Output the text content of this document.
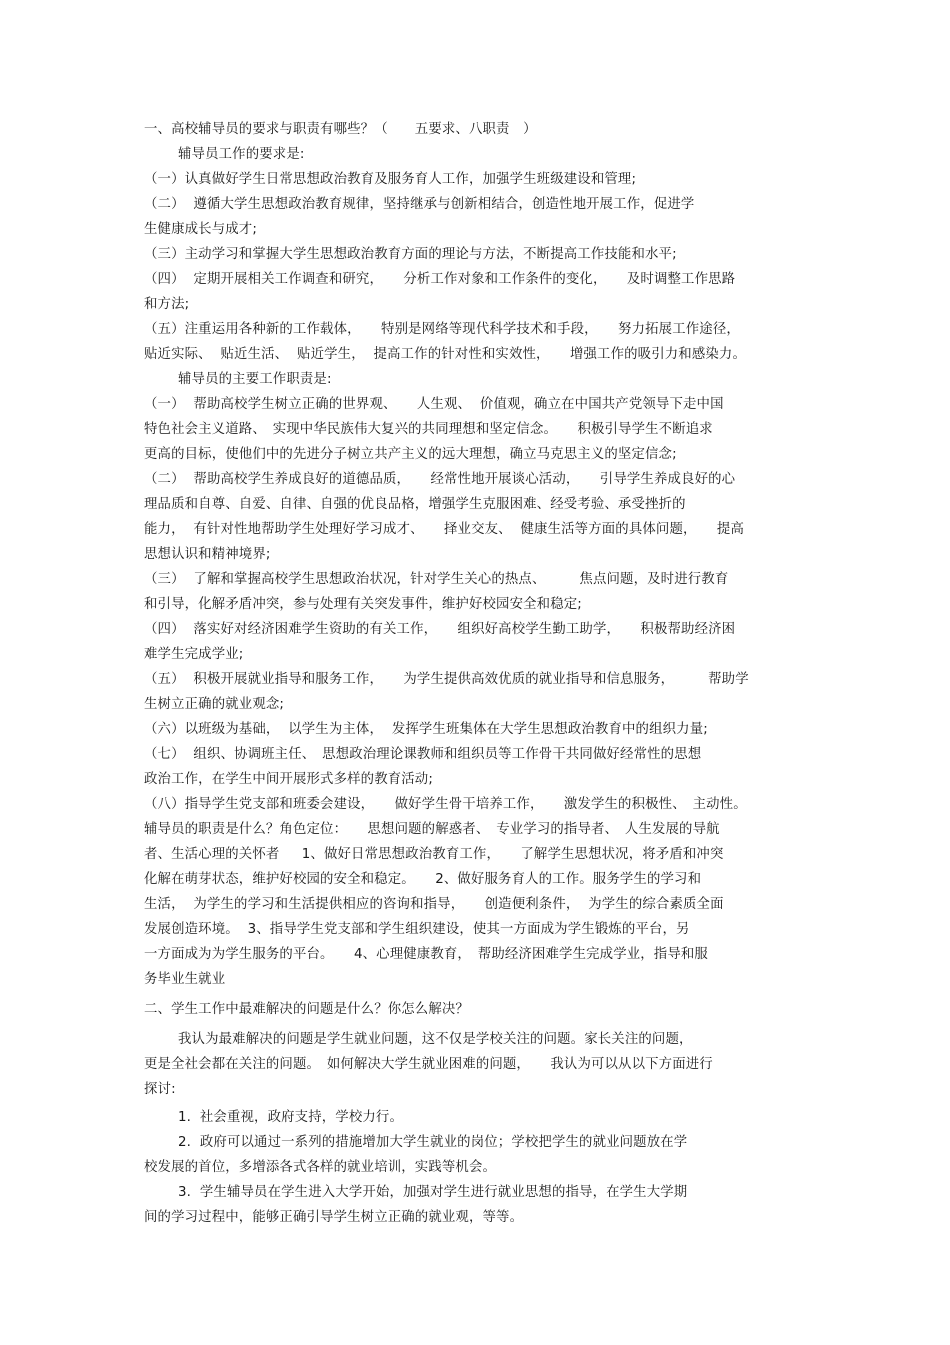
一、高校辅导员的要求与职责有哪些？（　　五要求、八职责　）
辅导员工作的要求是:
（一）认真做好学生日常思想政治教育及服务育人工作，加强学生班级建设和管理;
（二）  遵循大学生思想政治教育规律，坚持继承与创新相结合，创造性地开展工作，促进学
生健康成长与成才;
（三）主动学习和掌握大学生思想政治教育方面的理论与方法，不断提高工作技能和水平;
（四）  定期开展相关工作调查和研究，　　分析工作对象和工作条件的变化，　　及时调整工作思路
和方法;
（五）注重运用各种新的工作载体，　　特别是网络等现代科学技术和手段，　　努力拓展工作途径，
贴近实际、  贴近生活、  贴近学生，  提高工作的针对性和实效性，　　增强工作的吸引力和感染力。
辅导员的主要工作职责是:
（一）  帮助高校学生树立正确的世界观、　　人生观、  价值观，确立在中国共产党领导下走中国
特色社会主义道路、　实现中华民族伟大复兴的共同理想和坚定信念。　　积极引导学生不断追求
更高的目标，使他们中的先进分子树立共产主义的远大理想，确立马克思主义的坚定信念;
（二）  帮助高校学生养成良好的道德品质，　　经常性地开展谈心活动，　　引导学生养成良好的心
理品质和自尊、自爱、自律、自强的优良品格，增强学生克服困难、经受考验、承受挫折的
能力，  有针对性地帮助学生处理好学习成才、　　择业交友、  健康生活等方面的具体问题，　　提高
思想认识和精神境界;
（三）  了解和掌握高校学生思想政治状况，针对学生关心的热点、　　　焦点问题，及时进行教育
和引导，化解矛盾冲突，参与处理有关突发事件，维护好校园安全和稳定;
（四）  落实好对经济困难学生资助的有关工作，　　组织好高校学生勤工助学，　　积极帮助经济困
难学生完成学业;
（五）  积极开展就业指导和服务工作，　　为学生提供高效优质的就业指导和信息服务，　　　帮助学
生树立正确的就业观念;
（六）以班级为基础，  以学生为主体，  发挥学生班集体在大学生思想政治教育中的组织力量;
（七）  组织、协调班主任、　思想政治理论课教师和组织员等工作骨干共同做好经常性的思想
政治工作，在学生中间开展形式多样的教育活动;
（八）指导学生党支部和班委会建设，　　做好学生骨干培养工作，　　激发学生的积极性、　主动性。
辅导员的职责是什么？角色定位：　　思想问题的解惑者、　专业学习的指导者、　人生发展的导航
者、生活心理的关怀者　  1、做好日常思想政治教育工作，　　了解学生思想状况，将矛盾和冲突
化解在萌芽状态，维护好校园的安全和稳定。　　2、做好服务育人的工作。服务学生的学习和
生活，  为学生的学习和生活提供相应的咨询和指导，　　创造便利条件，  为学生的综合素质全面
发展创造环境。  3、指导学生党支部和学生组织建设，使其一方面成为学生锻炼的平台，另
一方面成为为学生服务的平台。　　4、心理健康教育，　帮助经济困难学生完成学业，指导和服
务毕业生就业
二、学生工作中最难解决的问题是什么？你怎么解决？
我认为最难解决的问题是学生就业问题，这不仅是学校关注的问题。家长关注的问题，
更是全社会都在关注的问题。　如何解决大学生就业困难的问题，　　我认为可以从以下方面进行
探讨:
1.  社会重视，政府支持，学校力行。
2.  政府可以通过一系列的措施增加大学生就业的岗位；学校把学生的就业问题放在学
校发展的首位，多增添各式各样的就业培训，实践等机会。
3.  学生辅导员在学生进入大学开始，加强对学生进行就业思想的指导，在学生大学期
间的学习过程中，能够正确引导学生树立正确的就业观，等等。
